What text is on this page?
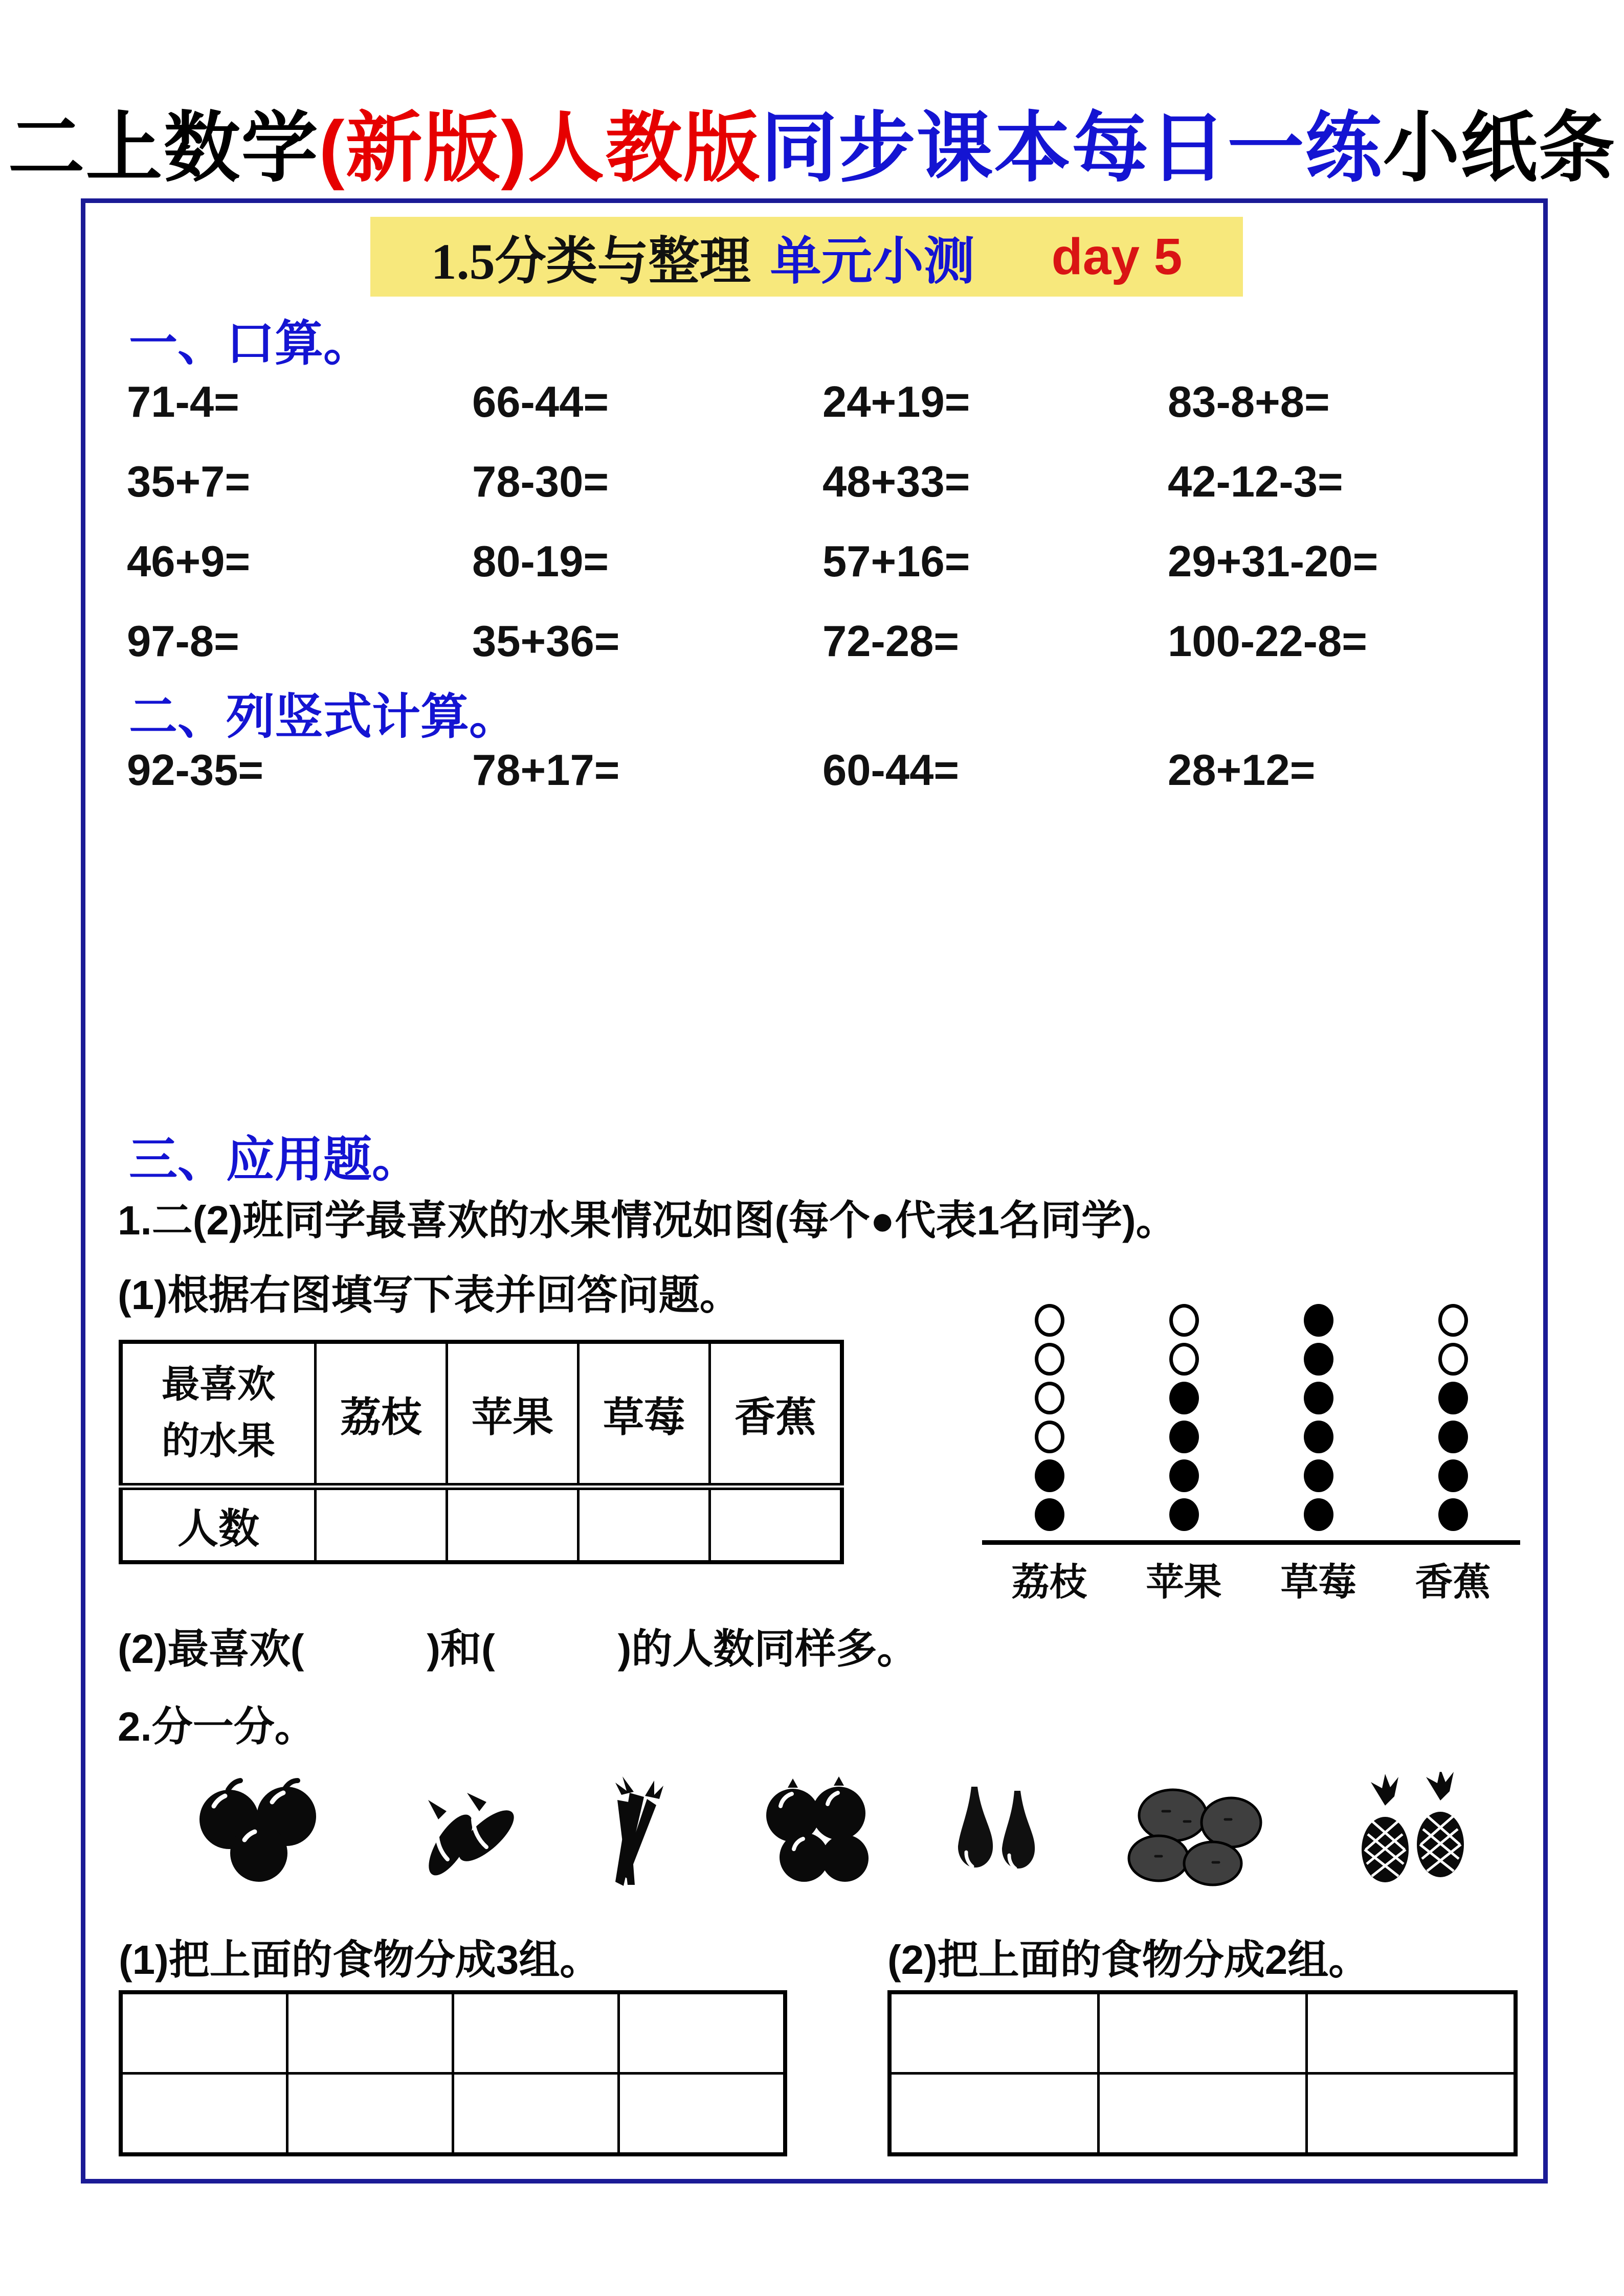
二上数学(新版)人教版同步课本每日一练小纸条
1.5分类与整理 单元小测 day 5
一、口算。
71-4=	66-44=	24+19=	83-8+8=
35+7=	78-30=	48+33=	42-12-3=
46+9=	80-19=	57+16=	29+31-20=
97-8=	35+36=	72-28=	100-22-8=
二、列竖式计算。
92-35=	78+17=	60-44=	28+12=
三、应用题。
1.二(2)班同学最喜欢的水果情况如图(每个●代表1名同学)。
(1)根据右图填写下表并回答问题。
最喜欢
的水果	荔枝	苹果	草莓	香蕉
人数				
荔枝 苹果 草莓 香蕉
(2)最喜欢(　　　)和(　　　)的人数同样多。
2.分一分。
(1)把上面的食物分成3组。	(2)把上面的食物分成2组。
